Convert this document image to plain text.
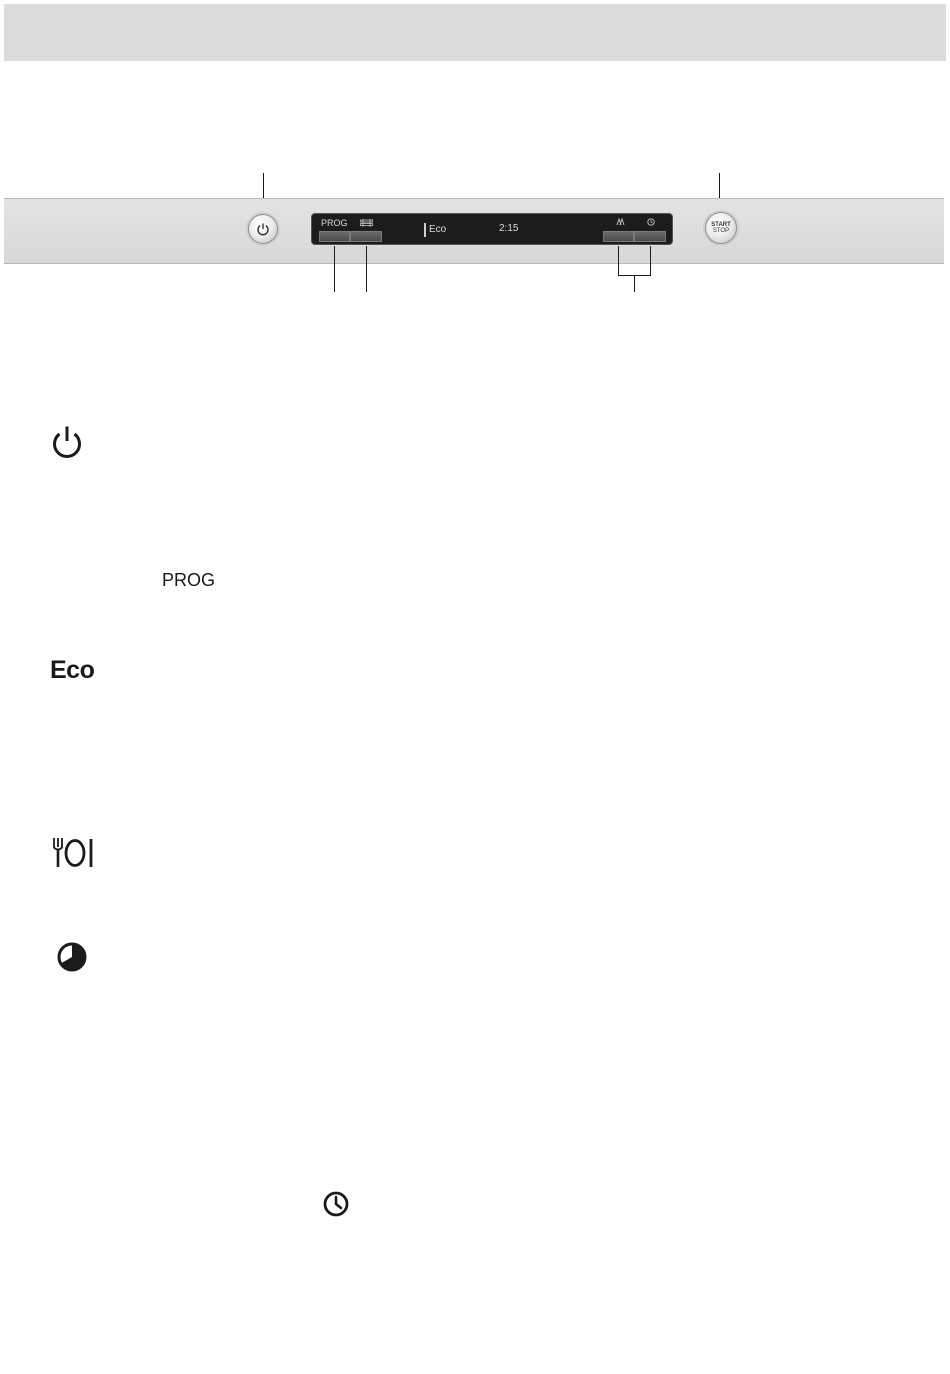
PROG
Eco	2:15	START
STOP
PROG
Eco
